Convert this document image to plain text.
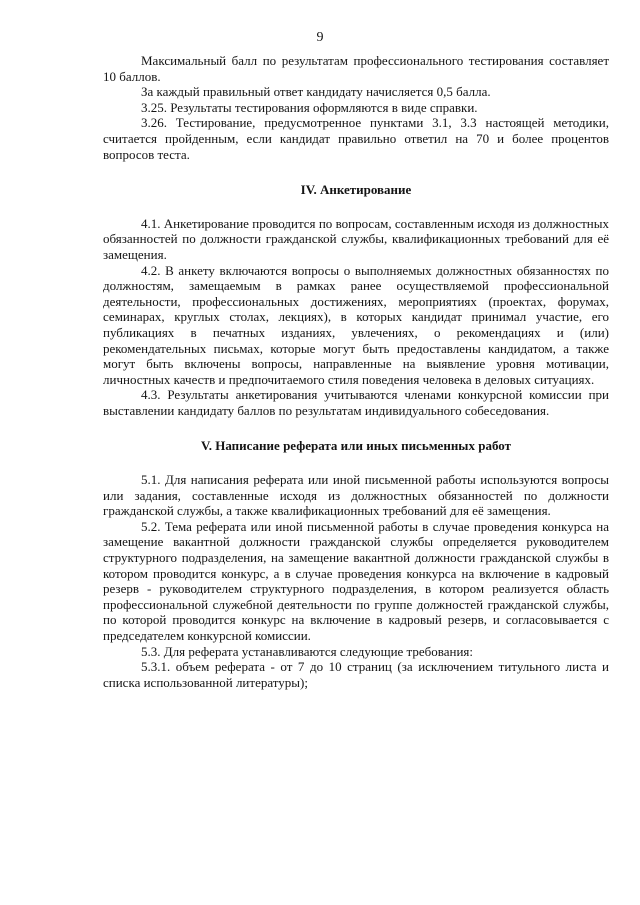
9

Максимальный балл по результатам профессионального тестирования составляет 10 баллов.

За каждый правильный ответ кандидату начисляется 0,5 балла.

3.25. Результаты тестирования оформляются в виде справки.

3.26. Тестирование, предусмотренное пунктами 3.1, 3.3 настоящей методики, считается пройденным, если кандидат правильно ответил на 70 и более процентов вопросов теста.

IV. Анкетирование

4.1. Анкетирование проводится по вопросам, составленным исходя из должностных обязанностей по должности гражданской службы, квалификационных требований для её замещения.

4.2. В анкету включаются вопросы о выполняемых должностных обязанностях по должностям, замещаемым в рамках ранее осуществляемой профессиональной деятельности, профессиональных достижениях, мероприятиях (проектах, форумах, семинарах, круглых столах, лекциях), в которых кандидат принимал участие, его публикациях в печатных изданиях, увлечениях, о рекомендациях и (или) рекомендательных письмах, которые могут быть предоставлены кандидатом, а также могут быть включены вопросы, направленные на выявление уровня мотивации, личностных качеств и предпочитаемого стиля поведения человека в деловых ситуациях.

4.3. Результаты анкетирования учитываются членами конкурсной комиссии при выставлении кандидату баллов по результатам индивидуального собеседования.

V. Написание реферата или иных письменных работ

5.1. Для написания реферата или иной письменной работы используются вопросы или задания, составленные исходя из должностных обязанностей по должности гражданской службы, а также квалификационных требований для её замещения.

5.2. Тема реферата или иной письменной работы в случае проведения конкурса на замещение вакантной должности гражданской службы определяется руководителем структурного подразделения, на замещение вакантной должности гражданской службы в котором проводится конкурс, а в случае проведения конкурса на включение в кадровый резерв - руководителем структурного подразделения, в котором реализуется область профессиональной служебной деятельности по группе должностей гражданской службы, по которой проводится конкурс на включение в кадровый резерв, и согласовывается с председателем конкурсной комиссии.

5.3. Для реферата устанавливаются следующие требования:

5.3.1. объем реферата - от 7 до 10 страниц (за исключением титульного листа и списка использованной литературы);
